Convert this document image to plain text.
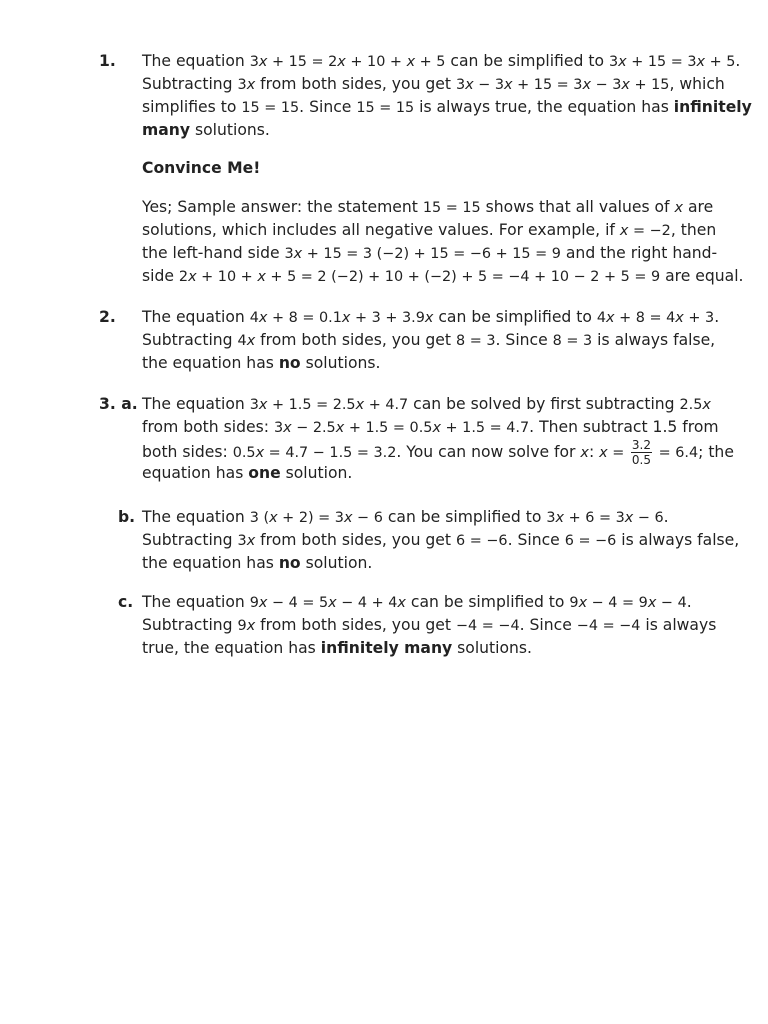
1. The equation 3x + 15 = 2x + 10 + x + 5 can be simplified to 3x + 15 = 3x + 5.
Subtracting 3x from both sides, you get 3x − 3x + 15 = 3x − 3x + 15, which
simplifies to 15 = 15. Since 15 = 15 is always true, the equation has infinitely
many solutions.
Convince Me!
Yes; Sample answer: the statement 15 = 15 shows that all values of x are
solutions, which includes all negative values. For example, if x = −2, then
the left-hand side 3x + 15 = 3 (−2) + 15 = −6 + 15 = 9 and the right hand-
side 2x + 10 + x + 5 = 2 (−2) + 10 + (−2) + 5 = −4 + 10 − 2 + 5 = 9 are equal.
2. The equation 4x + 8 = 0.1x + 3 + 3.9x can be simplified to 4x + 8 = 4x + 3.
Subtracting 4x from both sides, you get 8 = 3. Since 8 = 3 is always false,
the equation has no solutions.
3. a. The equation 3x + 1.5 = 2.5x + 4.7 can be solved by first subtracting 2.5x
from both sides: 3x − 2.5x + 1.5 = 0.5x + 1.5 = 4.7. Then subtract 1.5 from
both sides: 0.5x = 4.7 − 1.5 = 3.2. You can now solve for x: $x = \frac{3.2}{0.5} = 6.4$; the
equation has one solution.
b. The equation 3 (x + 2) = 3x − 6 can be simplified to 3x + 6 = 3x − 6.
Subtracting 3x from both sides, you get 6 = −6. Since 6 = −6 is always false,
the equation has no solution.
c. The equation 9x − 4 = 5x − 4 + 4x can be simplified to 9x − 4 = 9x − 4.
Subtracting 9x from both sides, you get −4 = −4. Since −4 = −4 is always
true, the equation has infinitely many solutions.
